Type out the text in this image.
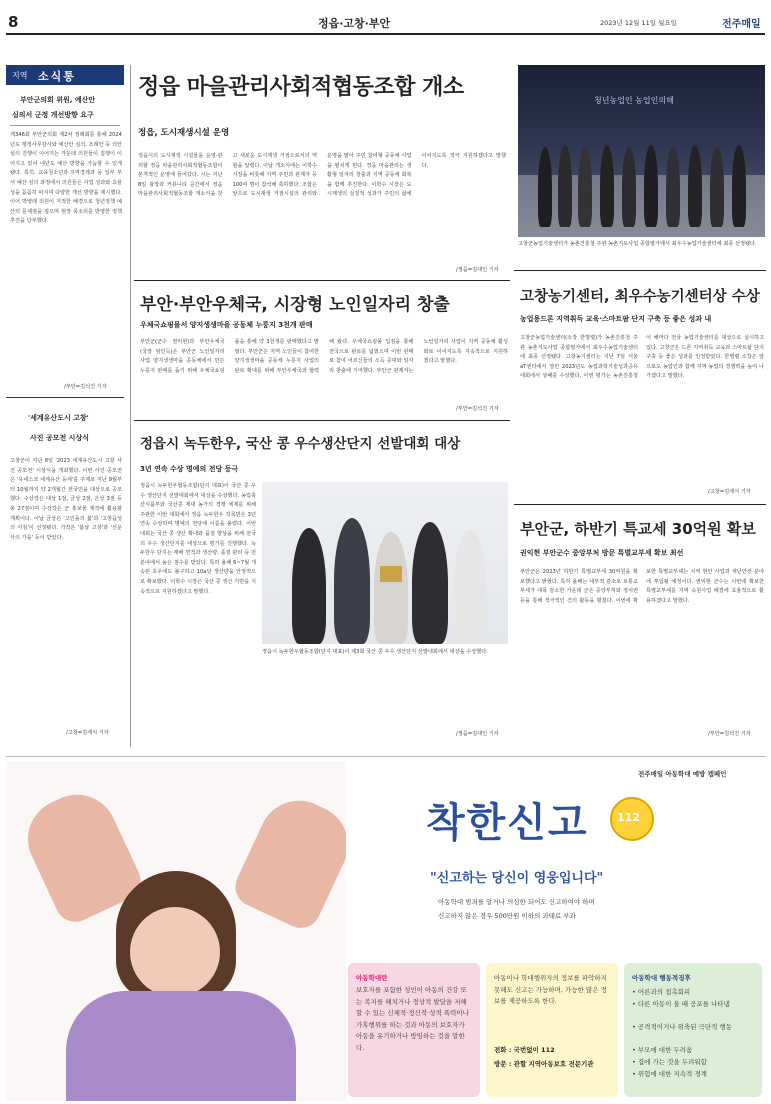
8	정읍·고창·부안	2023년 12월 11일 월요일	전주매일
지역 소식통
부안군의회 위원, 예산안
심의서 군정 개선방향 요구
제346회 부안군의회 제2차 정례회를 통해 2024년도 행정사무감사와 예산안 심의, 조례안 등 의안심의 진행이 이어지는 가운데 의원들이 집행이 이어지고 있어 내년도 예산 방향을 가늠할 수 있게 됐다. 특히, 교육청소년과·지역경제과 등 일부 부서 예산 심의 과정에서 의원들은 사업 성과와 효율성을 꼼꼼히 따지며 다양한 개선 방향을 제시했다. 이어 박병래 의원이 지적한 배경으로 청년정책 예산의 문제점을 짚으며 현장 목소리를 반영한 정책 추진을 당부했다.
/부안=김석진 기자
'세계유산도시 고창'
사진 공모전 시상식
고창군이 지난 8일 '2023 세계유산도시 고창 사진 공모전' 시상식을 개최했다. 이번 사진 공모전은 '유네스코 세계유산 등재'를 주제로 지난 9월부터 10월까지 약 2개월간 전국민을 대상으로 공모했다. 수상작은 대상 1점, 금상 2점, 은상 3점 등 총 27점이며 수상작은 군 홍보물 제작에 활용할 계획이다. 이날 금상은 '고인돌의 봄'과 '고창읍성의 아침'이 선정됐다. 가작은 '봄날 고창'과 '선운사의 가을' 등이 받았다.
/고창=김재식 기자
정읍 마을관리사회적협동조합 개소
정읍, 도시재생시설 운영
정읍시의 도시재생 시설물을 운영·관리할 정읍 마을관리사회적협동조합이 본격적인 운영에 들어갔다. 시는 지난 8일 광장과 커뮤니티 공간에서 정읍마을관리사회적협동조합 개소식을 갖고 새로운 도시재생 거점으로서의 역할을 알렸다. 이날 개소식에는 이학수 시장을 비롯해 지역 주민과 관계자 등 100여 명이 참석해 축하했다. 조합은 앞으로 도시재생 거점시설의 관리와 운영을 맡아 주민 참여형 공동체 사업을 펼치게 된다. 정읍 마을관리는 생활형 일자리 창출과 지역 공동체 회복을 함께 추진한다. 이학수 시장은 도시재생의 실질적 성과가 주민의 삶에 이어지도록 적극 지원하겠다고 말했다.
/정읍=김대인 기자
청년농업인 농업인의해
고창군농업기술센터가 농촌진흥청 주관 농촌지도사업 종합평가에서 최우수농업기술센터에 최종 선정됐다.
고창농기센터, 최우수농기센터상 수상
농업용드론 지역취득 교육·스마트팜 단지 구축 등 좋은 성과 내
고창군농업기술센터(소장 한명렬)가 농촌진흥청 주관 농촌지도사업 종합평가에서 최우수농업기술센터에 최종 선정됐다. 고창농기센터는 지난 7일 서울 aT센터에서 열린 2023년도 농업과학기술성과공유대회에서 상패를 수상했다. 이번 평가는 농촌진흥청이 해마다 전국 농업기술센터를 대상으로 실시하고 있다. 고창군은 드론 지역취득 교육과 스마트팜 단지 구축 등 좋은 성과를 인정받았다. 한명렬 소장은 앞으로도 농업인과 함께 지역 농업의 경쟁력을 높여 나가겠다고 말했다.
/고창=김재식 기자
부안·부안우체국, 시장형 노인일자리 창출
우체국쇼핑몰서 양지생생마을 공동체 누룽지 3천개 판매
부안군(군수 권익현)과 부안우체국(국장 임인득)은 부안군 노인일자리 사업 양지생생마을 공동체에서 만든 누룽지 판매를 돕기 위해 우체국쇼핑몰을 통해 약 3천개를 판매했다고 밝혔다. 부안군은 지역 노인들이 참여한 양지생생마을 공동체 누룽지 사업의 판로 확대를 위해 부안우체국과 협력해 왔다. 우체국쇼핑몰 입점을 통해 전국으로 판로를 넓혔으며 이번 판매로 참여 어르신들의 소득 증대와 일자리 창출에 기여했다. 부안군 관계자는 노인일자리 사업이 지역 공동체 활성화로 이어지도록 지속적으로 지원하겠다고 말했다.
/부안=김석진 기자
정읍시 녹두한우, 국산 콩 우수생산단지 선발대회 대상
3년 연속 수상 명예의 전당 등극
정읍시 녹두한우협동조합(단지 대표)이 국산 콩 우수 생산단지 선발대회에서 대상을 수상했다. 농림축산식품부와 국산콩 제대 농가의 경쟁 체제를 위해 주관한 이번 대회에서 정읍 녹두한우 작목반은 3년 연속 수상하며 명예의 전당에 이름을 올렸다. 이번 대회는 국산 콩 생산 확대와 품질 향상을 위해 전국의 우수 생산단지를 대상으로 평가를 진행했다. 녹두한우 단지는 재배 면적과 생산량, 품질 관리 등 전 분야에서 높은 점수를 받았다. 특히 올해 6~7월 개속된 호우에도 불구하고 10a당 생산량을 안정적으로 확보했다. 이학수 시장은 국산 콩 생산 기반을 지속적으로 지원하겠다고 말했다.
정읍시 녹두한우협동조합(단지 대표)이 제3회 국산 콩 우수 생산단지 선발대회에서 대상을 수상했다.
/정읍=김대인 기자
부안군, 하반기 특교세 30억원 확보
권익현 부안군수 중앙부처 방문 특별교부세 확보 최선
부안군은 2023년 하반기 특별교부세 30억원을 확보했다고 밝혔다. 특히 올해는 내부적 감소로 보통교부세가 대폭 감소한 가운데 군은 중앙부처와 정치권 등을 통해 적극적인 건의 활동을 펼쳤다. 이번에 확보한 특별교부세는 지역 현안 사업과 재난안전 분야에 투입될 예정이다. 권익현 군수는 이번에 확보한 특별교부세를 지역 숙원사업 해결에 효율적으로 활용하겠다고 말했다.
/부안=김석진 기자
전주매일 아동학대 예방 캠페인
착한신고	112
"신고하는 당신이 영웅입니다"
아동학대 범죄를 알거나 의심한 되어도 신고하여야 하며
신고하지 않은 경우 500만원 이하의 과태료 부과
아동학대란
보호자를 포함한 성인이 아동의 건강 또는 복지를 해치거나 정상적 발달을 저해할 수 있는 신체적·정신적·성적 폭력이나 가혹행위를 하는 것과 아동의 보호자가 아동을 유기하거나 방임하는 것을 말한다.
아동이나 학대행위자의 정보를 파악하지 못해도 신고는 가능하며, 가능한 많은 정보를 제공하도록 한다.
전화 : 국번없이 112
방문 : 관할 지역아동보호 전문기관
아동학대 행동적징후
• 어른과의 접촉회피
• 다른 아동이 울 때 공포를 나타냄
• 공격적이거나 위축된 극단적 행동
• 부모에 대한 두려움
• 집에 가는 것을 두려워함
• 위험에 대한 지속적 경계
